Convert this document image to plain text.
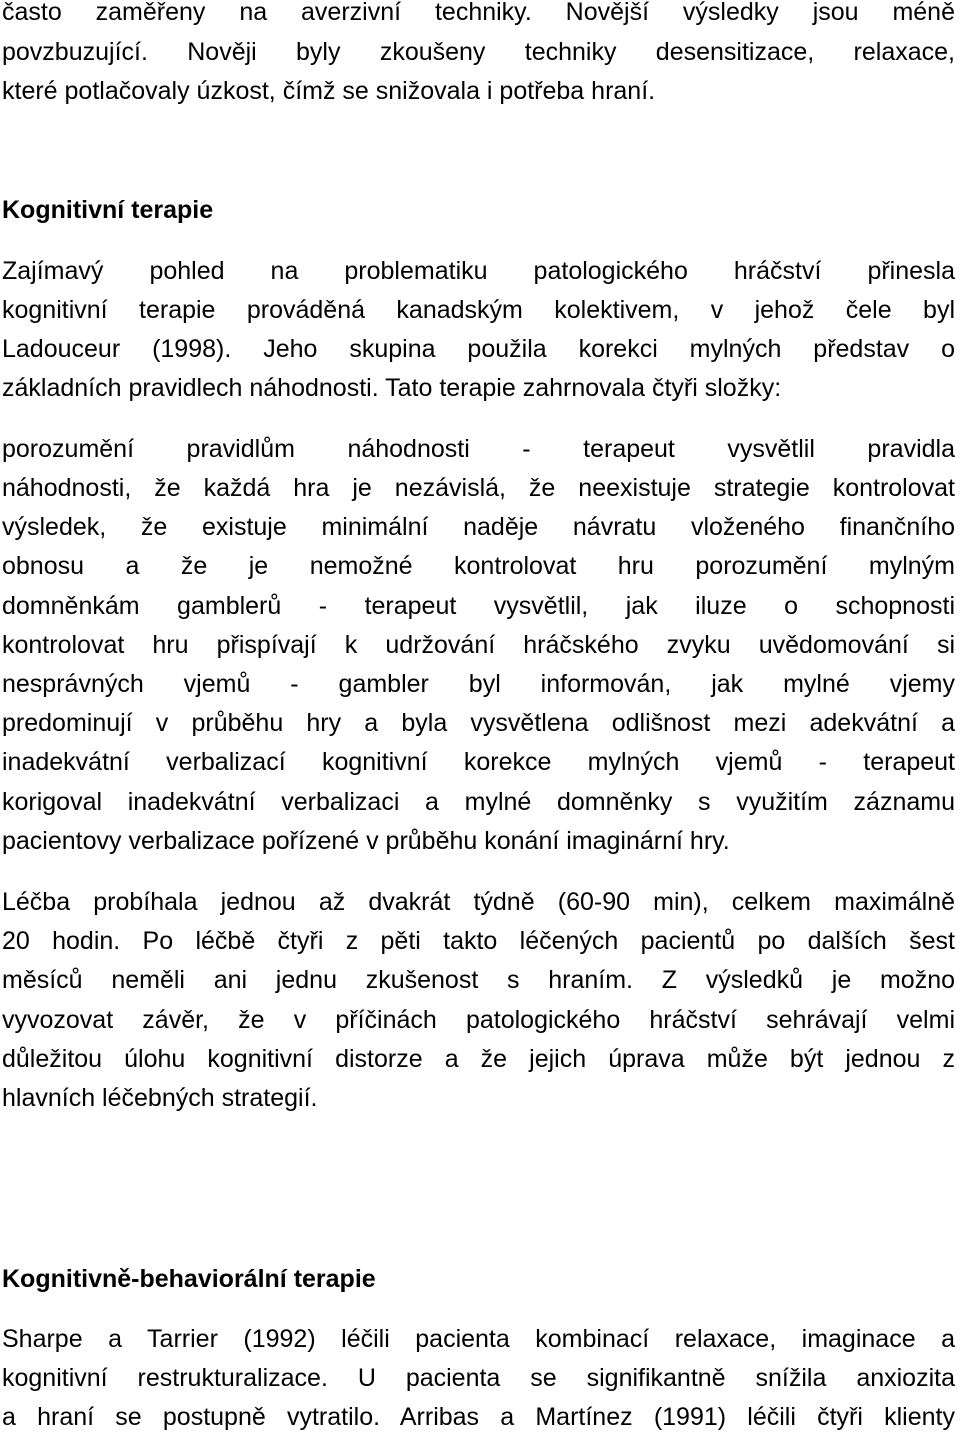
často zaměřeny na averzivní techniky. Novější výsledky jsou méně

povzbuzující. Nověji byly zkoušeny techniky desensitizace, relaxace,

které potlačovaly úzkost, čímž se snižovala i potřeba hraní.

Kognitivní terapie

Zajímavý pohled na problematiku patologického hráčství přinesla

kognitivní terapie prováděná kanadským kolektivem, v jehož čele byl

Ladouceur (1998). Jeho skupina použila korekci mylných představ o

základních pravidlech náhodnosti. Tato terapie zahrnovala čtyři složky:

porozumění pravidlům náhodnosti - terapeut vysvětlil pravidla

náhodnosti, že každá hra je nezávislá, že neexistuje strategie kontrolovat

výsledek, že existuje minimální naděje návratu vloženého finančního

obnosu a že je nemožné kontrolovat hru porozumění mylným

domněnkám gamblerů - terapeut vysvětlil, jak iluze o schopnosti

kontrolovat hru přispívají k udržování hráčského zvyku uvědomování si

nesprávných vjemů - gambler byl informován, jak mylné vjemy

predominují v průběhu hry a byla vysvětlena odlišnost mezi adekvátní a

inadekvátní verbalizací kognitivní korekce mylných vjemů - terapeut

korigoval inadekvátní verbalizaci a mylné domněnky s využitím záznamu

pacientovy verbalizace pořízené v průběhu konání imaginární hry.

Léčba probíhala jednou až dvakrát týdně (60-90 min), celkem maximálně

20 hodin. Po léčbě čtyři z pěti takto léčených pacientů po dalších šest

měsíců neměli ani jednu zkušenost s hraním. Z výsledků je možno

vyvozovat závěr, že v příčinách patologického hráčství sehrávají velmi

důležitou úlohu kognitivní distorze a že jejich úprava může být jednou z

hlavních léčebných strategií.

Kognitivně-behaviorální terapie

Sharpe a Tarrier (1992) léčili pacienta kombinací relaxace, imaginace a

kognitivní restrukturalizace. U pacienta se signifikantně snížila anxiozita

a hraní se postupně vytratilo. Arribas a Martínez (1991) léčili čtyři klienty
